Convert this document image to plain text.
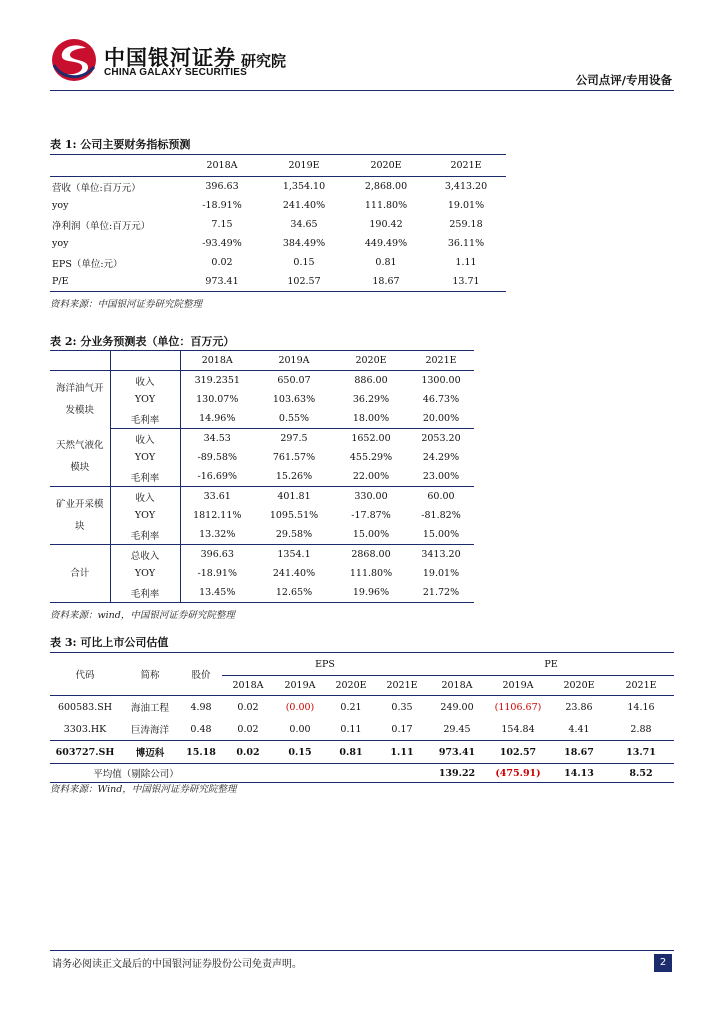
中国银河证券
CHINA GALAXY SECURITIES
研究院
公司点评/专用设备
表 1: 公司主要财务指标预测
	2018A	2019E	2020E	2021E
营收（单位:百万元）	396.63	1,354.10	2,868.00	3,413.20
yoy	-18.91%	241.40%	111.80%	19.01%
净利润（单位:百万元）	7.15	34.65	190.42	259.18
yoy	-93.49%	384.49%	449.49%	36.11%
EPS（单位:元）	0.02	0.15	0.81	1.11
P/E	973.41	102.57	18.67	13.71
资料来源：中国银河证券研究院整理
表 2: 分业务预测表（单位：百万元）
		2018A	2019A	2020E	2021E
海洋油气开发模块	收入	319.2351	650.07	886.00	1300.00
	YOY	130.07%	103.63%	36.29%	46.73%
	毛利率	14.96%	0.55%	18.00%	20.00%
天然气液化模块	收入	34.53	297.5	1652.00	2053.20
	YOY	-89.58%	761.57%	455.29%	24.29%
	毛利率	-16.69%	15.26%	22.00%	23.00%
矿业开采模块	收入	33.61	401.81	330.00	60.00
	YOY	1812.11%	1095.51%	-17.87%	-81.82%
	毛利率	13.32%	29.58%	15.00%	15.00%
合计	总收入	396.63	1354.1	2868.00	3413.20
	YOY	-18.91%	241.40%	111.80%	19.01%
	毛利率	13.45%	12.65%	19.96%	21.72%
资料来源：wind，中国银河证券研究院整理
表 3: 可比上市公司估值
代码	简称	股价	EPS				PE			
			2018A	2019A	2020E	2021E	2018A	2019A	2020E	2021E
600583.SH	海油工程	4.98	0.02	(0.00)	0.21	0.35	249.00	(1106.67)	23.86	14.16
3303.HK	巨涛海洋	0.48	0.02	0.00	0.11	0.17	29.45	154.84	4.41	2.88
603727.SH	博迈科	15.18	0.02	0.15	0.81	1.11	973.41	102.57	18.67	13.71
平均值（剔除公司）							139.22	(475.91)	14.13	8.52
资料来源：Wind，中国银河证券研究院整理
请务必阅读正文最后的中国银河证券股份公司免责声明。	2
